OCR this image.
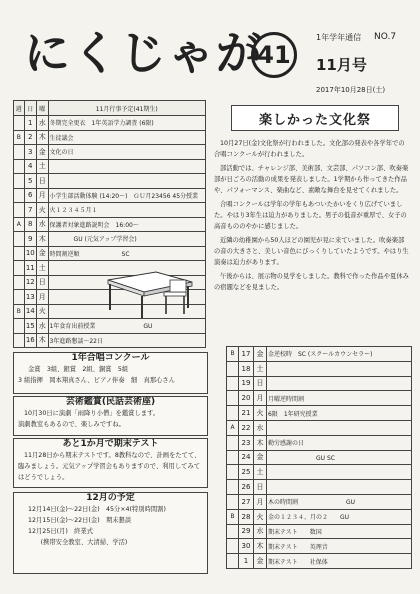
にくじゃが
41
1年学年通信 NO.7
11月号
2017年10月28日(土)
週	日	曜	11月行事予定(41期生)
	1	水	冬期完全更衣　1年英語学力調査 (6限)
B	2	木	生徒議会
	3	金	文化の日
	4	土	
	5	日	
	6	月	小学生部活動体験 (14:20～)　ＧＵ月23456 45分授業
	7	火	火１２３４５月１
A	8	水	保護者対象進路説明会　16:00～
	9	木	　　　　GU (元気アップ学習会)
	10	金	時間割逆順　　　　　　　SC
	11	土	
	12	日	
	13	月	
B	14	火	
	15	水	1年食育出前授業　　　　　　　　GU
	16	木	3年進路懇談～22日
楽しかった文化祭

10月27日(金)文化祭が行われました。文化部の発表や各学年での合唱コンクールが行われました。

部活動では、チャレンジ部、美術部、文芸部、パソコン部、吹奏楽部が日ごろの活動の成果を発表しました。1学期から作ってきた作品や、パフォーマンス、楽曲など、素敵な舞台を見せてくれました。

合唱コンクールは学年の学年もあついたかいをくり広げていました。やはり3年生は迫力がありました。男子の低音が重厚で、女子の高音もののやかに感じました。

近隣の幼稚園から50人ほどの園児が見に来ていました。吹奏楽部の音の大きさと、美しい音色にびっくりしていたようです。やはり生演奏は迫力があります。

午後からは、展示物の見学をしました。教科で作った作品や夏休みの宿題などを見ました。

1年合唱コンクール
金賞　3組、銀賞　2組、銅賞　5組
3 組指揮　岡本翔真さん、ピアノ伴奏　細　真那心さん
芸術鑑賞(民話芸術座)
10月30日に演劇「雨降り小僧」を鑑賞します。
演劇教室もあるので、楽しみですね。
あと1か月で期末テスト
11月28日から期末テストです。8教科なので、計画をたてて、臨みましょう。元気アップ学習会もありますので、利用してみてはどうでしょう。
12月の予定
12月14日(金)～22日(金)　45分×4(特別時間割)
12月15日(金)～22日(金)　期末懇談
12月25日(月)　終業式
　　(携帯安全教室、大清掃、学活)
B	17	金	金逆校時　SC (スクールカウンセラー)
	18	土	
	19	日	
	20	月	月曜逆時間割
	21	火	6限　1年研究授業
A	22	水	
	23	木	勤労感謝の日
	24	金	　　　　　　　　GU SC
	25	土	
	26	日	
	27	月	木の時間割　　　　　　　　GU
B	28	火	金の１２３４、月の２　　GU
	29	水	期末テスト　　数国
	30	木	期末テスト　　英理音
	1	金	期末テスト　　社保体
